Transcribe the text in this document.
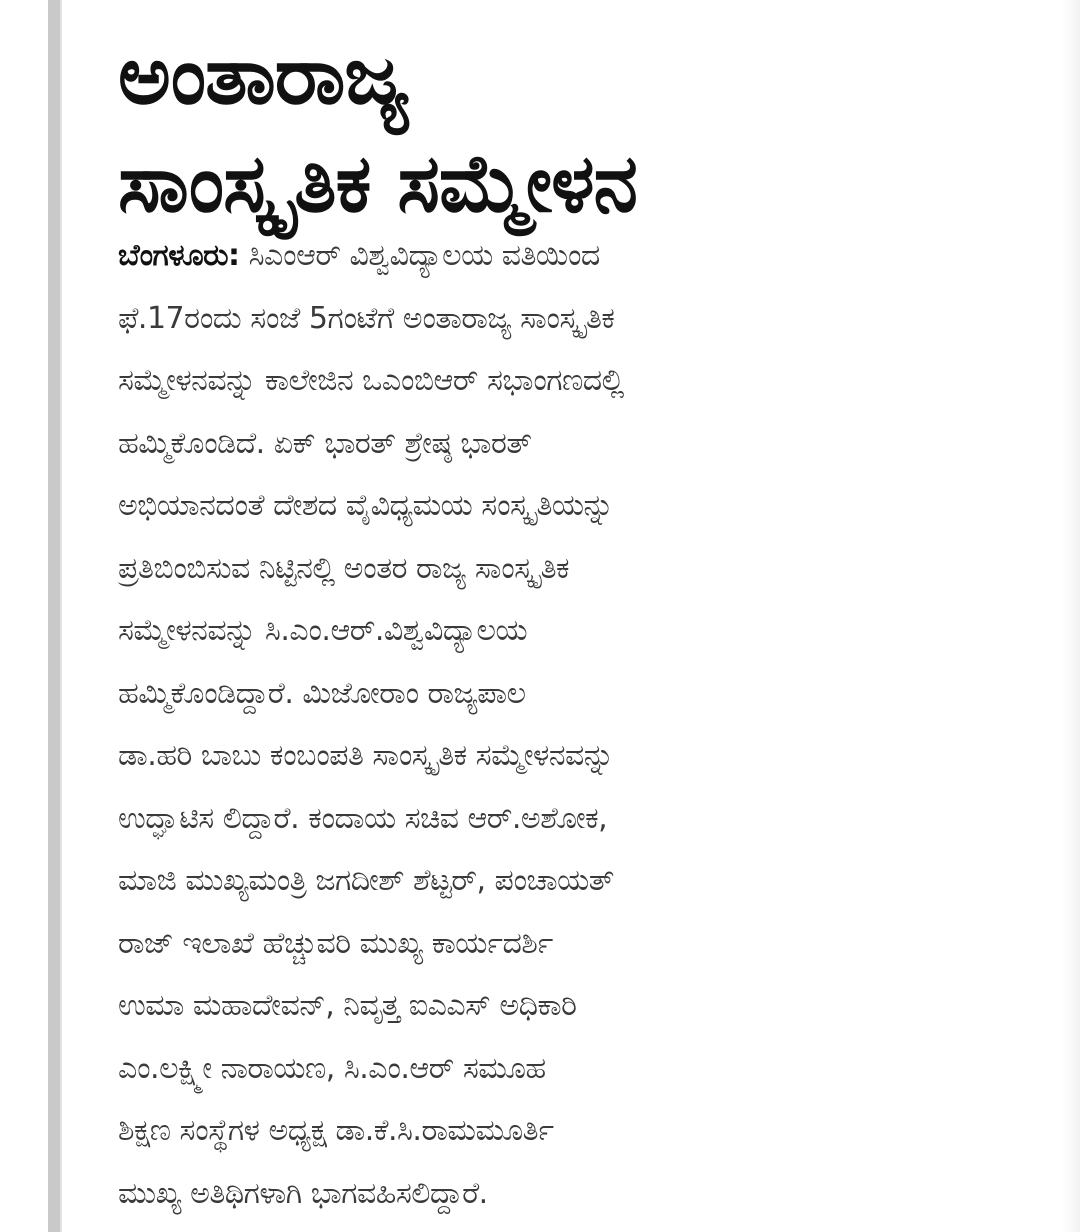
ಅಂತಾರಾಜ್ಯ
ಸಾಂಸ್ಕೃತಿಕ ಸಮ್ಮೇಳನ
ಬೆಂಗಳೂರು: ಸಿಎಂಆರ್ ವಿಶ್ವವಿದ್ಯಾಲಯ ವತಿಯಿಂದ
ಫೆ.17ರಂದು ಸಂಜೆ 5ಗಂಟೆಗೆ ಅಂತಾರಾಜ್ಯ ಸಾಂಸ್ಕೃತಿಕ
ಸಮ್ಮೇಳನವನ್ನು ಕಾಲೇಜಿನ ಒಎಂಬಿಆರ್ ಸಭಾಂಗಣದಲ್ಲಿ
ಹಮ್ಮಿಕೊಂಡಿದೆ. ಏಕ್ ಭಾರತ್ ಶ್ರೇಷ್ಠ ಭಾರತ್
ಅಭಿಯಾನದಂತೆ ದೇಶದ ವೈವಿಧ್ಯಮಯ ಸಂಸ್ಕೃತಿಯನ್ನು
ಪ್ರತಿಬಿಂಬಿಸುವ ನಿಟ್ಟಿನಲ್ಲಿ ಅಂತರ ರಾಜ್ಯ ಸಾಂಸ್ಕೃತಿಕ
ಸಮ್ಮೇಳನವನ್ನು ಸಿ.ಎಂ.ಆರ್.ವಿಶ್ವವಿದ್ಯಾಲಯ
ಹಮ್ಮಿಕೊಂಡಿದ್ದಾರೆ. ಮಿಜೋರಾಂ ರಾಜ್ಯಪಾಲ
ಡಾ.ಹರಿ ಬಾಬು ಕಂಬಂಪತಿ ಸಾಂಸ್ಕೃತಿಕ ಸಮ್ಮೇಳನವನ್ನು
ಉದ್ಘಾಟಿಸ ಲಿದ್ದಾರೆ. ಕಂದಾಯ ಸಚಿವ ಆರ್.ಅಶೋಕ,
ಮಾಜಿ ಮುಖ್ಯಮಂತ್ರಿ ಜಗದೀಶ್ ಶೆಟ್ಟರ್, ಪಂಚಾಯತ್
ರಾಜ್ ಇಲಾಖೆ ಹೆಚ್ಚುವರಿ ಮುಖ್ಯ ಕಾರ್ಯದರ್ಶಿ
ಉಮಾ ಮಹಾದೇವನ್, ನಿವೃತ್ತ ಐಎಎಸ್ ಅಧಿಕಾರಿ
ಎಂ.ಲಕ್ಷ್ಮೀ ನಾರಾಯಣ, ಸಿ.ಎಂ.ಆರ್ ಸಮೂಹ
ಶಿಕ್ಷಣ ಸಂಸ್ಥೆಗಳ ಅಧ್ಯಕ್ಷ ಡಾ.ಕೆ.ಸಿ.ರಾಮಮೂರ್ತಿ
ಮುಖ್ಯ ಅತಿಥಿಗಳಾಗಿ ಭಾಗವಹಿಸಲಿದ್ದಾರೆ.
